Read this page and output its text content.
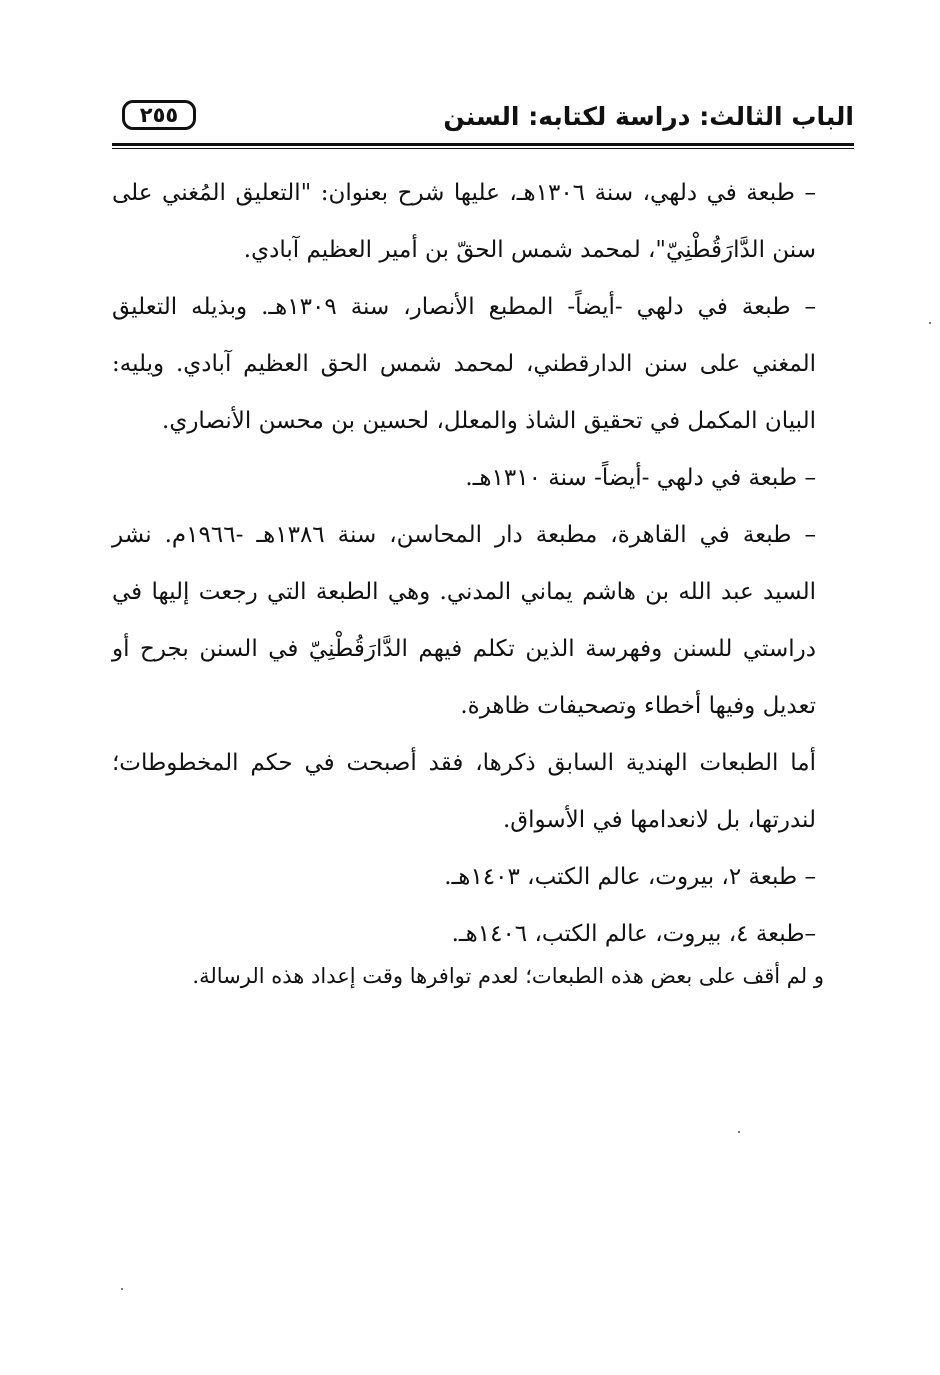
٢٥٥	الباب الثالث: دراسة لكتابه: السنن

– طبعة في دلهي، سنة ١٣٠٦هـ، عليها شرح بعنوان: "التعليق المُغني على سنن الدَّارَقُطْنِيّ"، لمحمد شمس الحقّ بن أمير العظيم آبادي.

– طبعة في دلهي -أيضاً- المطبع الأنصار، سنة ١٣٠٩هـ. وبذيله التعليق المغني على سنن الدارقطني، لمحمد شمس الحق العظيم آبادي. ويليه: البيان المكمل في تحقيق الشاذ والمعلل، لحسين بن محسن الأنصاري.

– طبعة في دلهي -أيضاً- سنة ١٣١٠هـ.

– طبعة في القاهرة، مطبعة دار المحاسن، سنة ١٣٨٦هـ -١٩٦٦م. نشر السيد عبد الله بن هاشم يماني المدني. وهي الطبعة التي رجعت إليها في دراستي للسنن وفهرسة الذين تكلم فيهم الدَّارَقُطْنِيّ في السنن بجرح أو تعديل وفيها أخطاء وتصحيفات ظاهرة.

أما الطبعات الهندية السابق ذكرها، فقد أصبحت في حكم المخطوطات؛ لندرتها، بل لانعدامها في الأسواق.

– طبعة ٢، بيروت، عالم الكتب، ١٤٠٣هـ.

–طبعة ٤، بيروت، عالم الكتب، ١٤٠٦هـ.

و لم أقف على بعض هذه الطبعات؛ لعدم توافرها وقت إعداد هذه الرسالة.
